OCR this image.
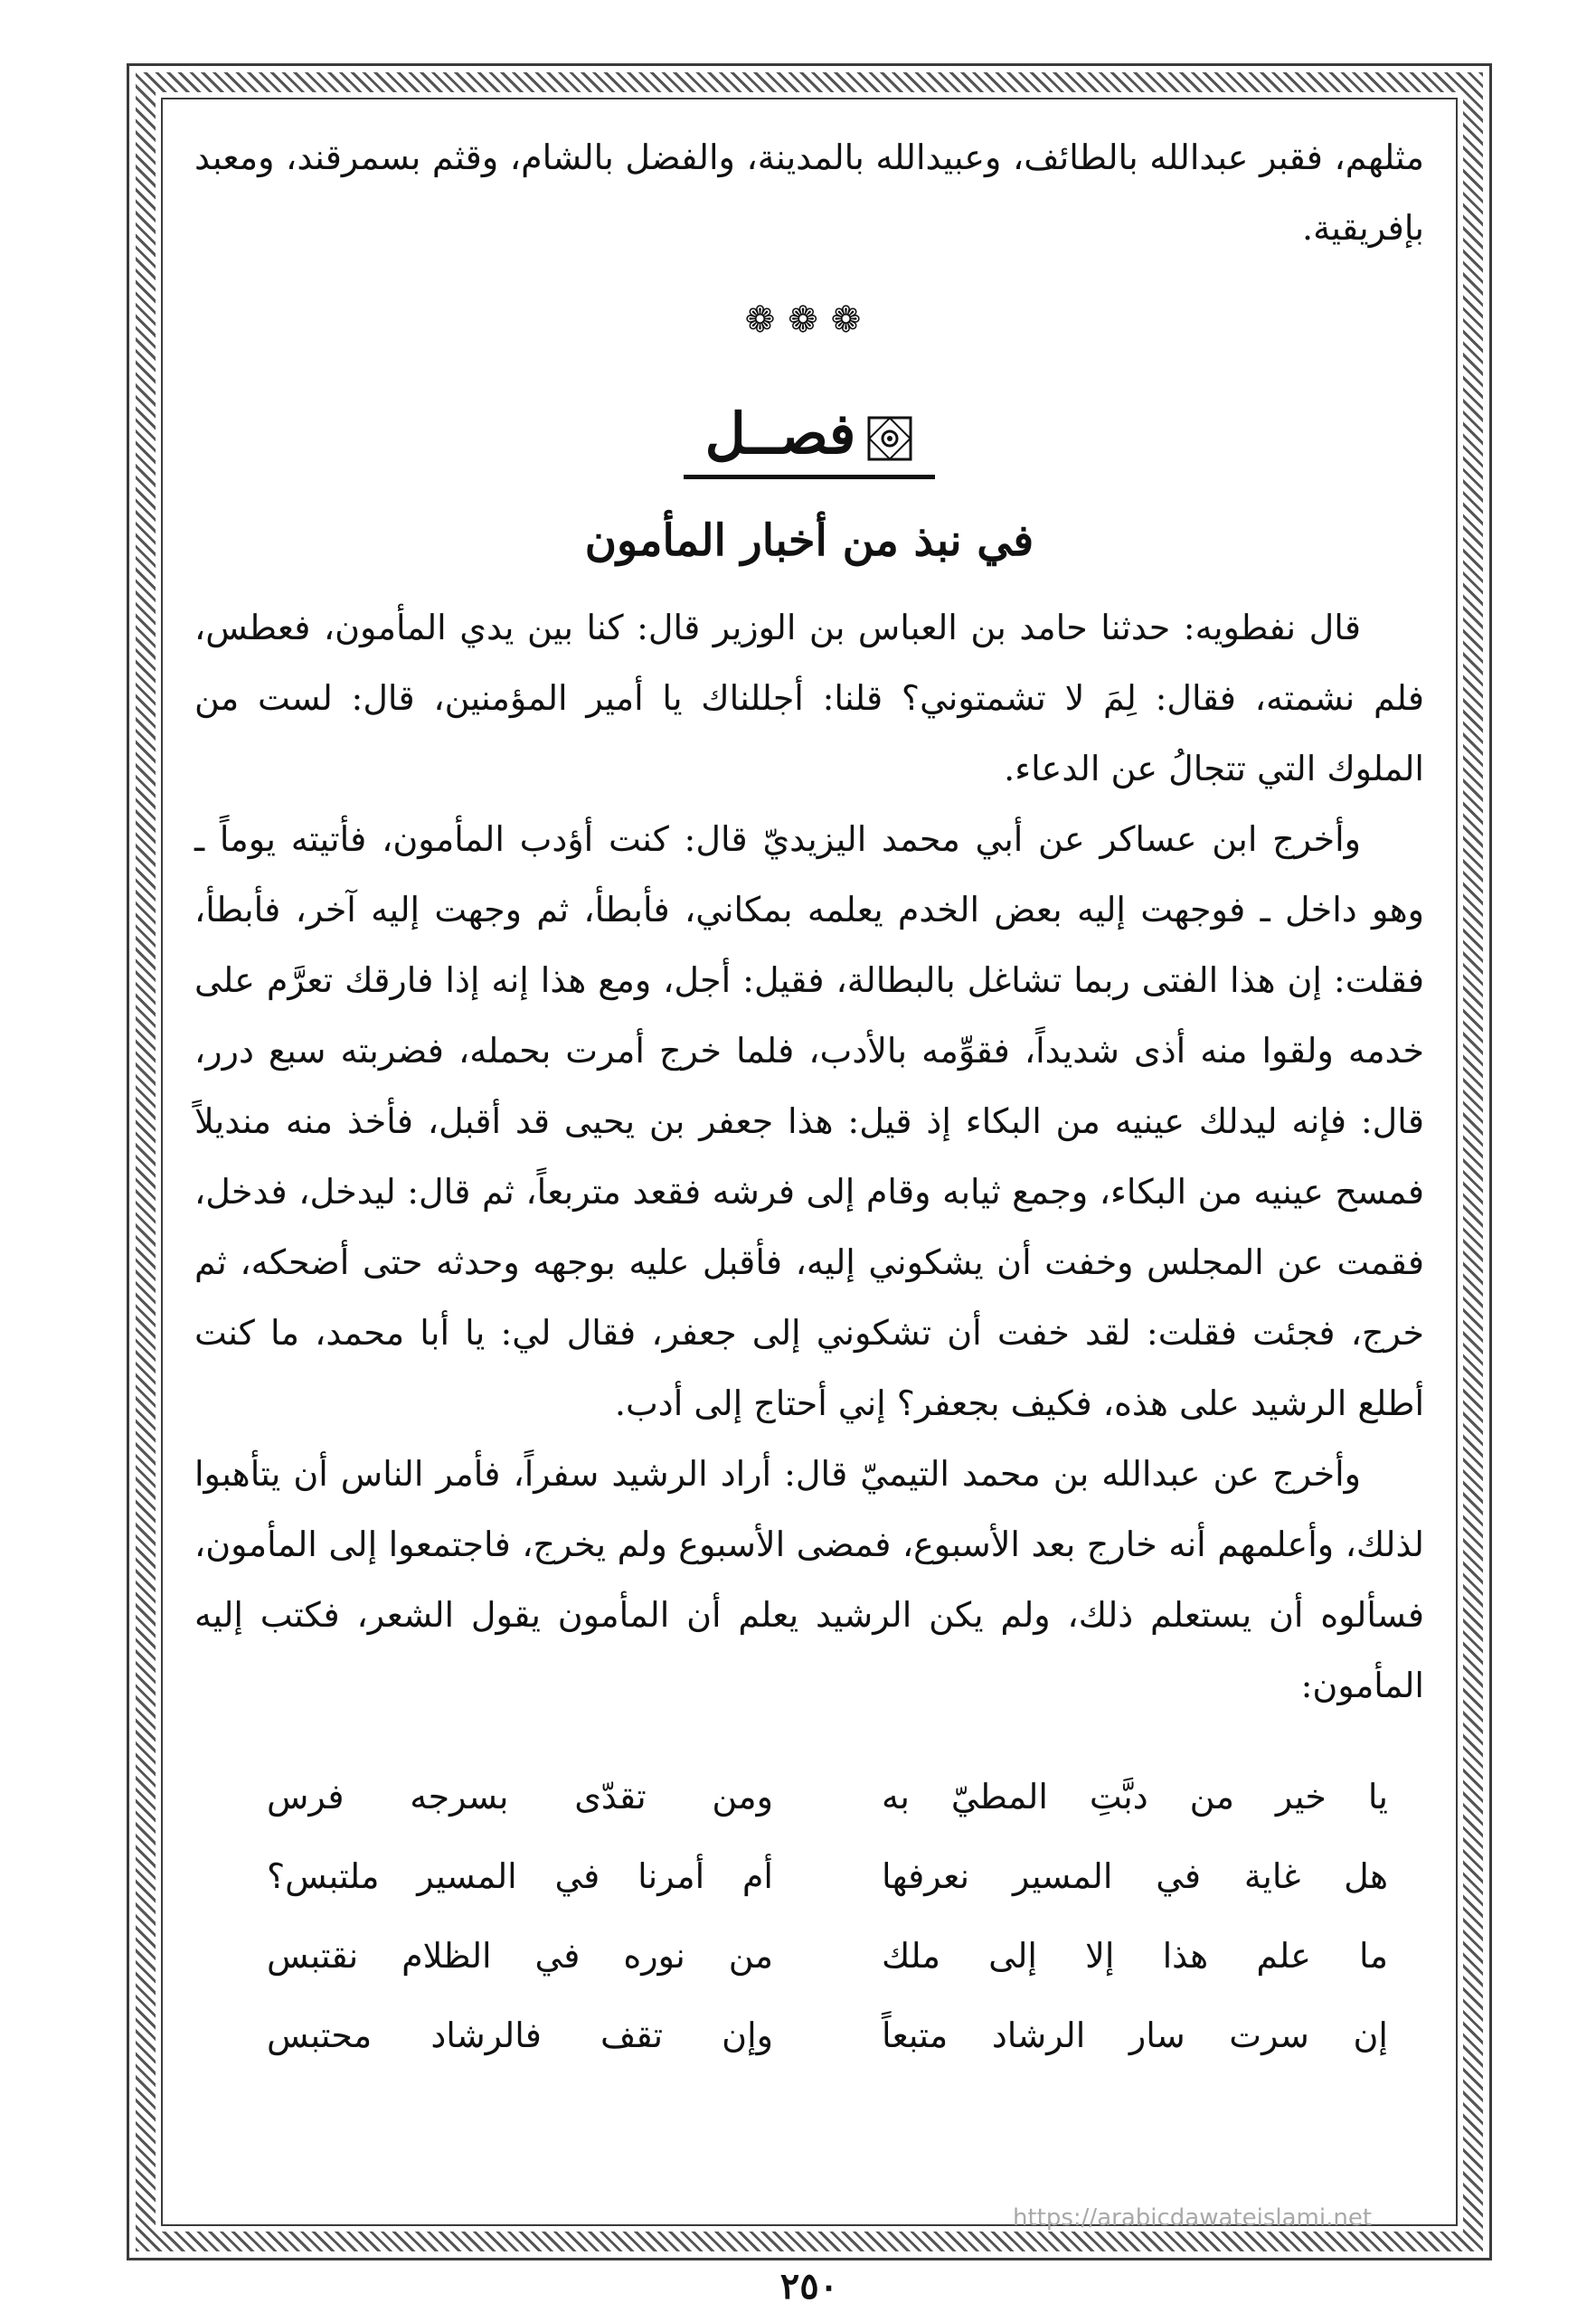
مثلهم، فقبر عبدالله بالطائف، وعبيدالله بالمدينة، والفضل بالشام، وقثم بسمرقند، ومعبد بإفريقية.

❁❁❁
فصــل
في نبذ من أخبار المأمون

قال نفطويه: حدثنا حامد بن العباس بن الوزير قال: كنا بين يدي المأمون، فعطس، فلم نشمته، فقال: لِمَ لا تشمتوني؟ قلنا: أجللناك يا أمير المؤمنين، قال: لست من الملوك التي تتجالُ عن الدعاء.

وأخرج ابن عساكر عن أبي محمد اليزيديّ قال: كنت أؤدب المأمون، فأتيته يوماً ـ وهو داخل ـ فوجهت إليه بعض الخدم يعلمه بمكاني، فأبطأ، ثم وجهت إليه آخر، فأبطأ، فقلت: إن هذا الفتى ربما تشاغل بالبطالة، فقيل: أجل، ومع هذا إنه إذا فارقك تعرَّم على خدمه ولقوا منه أذى شديداً، فقوِّمه بالأدب، فلما خرج أمرت بحمله، فضربته سبع درر، قال: فإنه ليدلك عينيه من البكاء إذ قيل: هذا جعفر بن يحيى قد أقبل، فأخذ منه منديلاً فمسح عينيه من البكاء، وجمع ثيابه وقام إلى فرشه فقعد متربعاً، ثم قال: ليدخل، فدخل، فقمت عن المجلس وخفت أن يشكوني إليه، فأقبل عليه بوجهه وحدثه حتى أضحكه، ثم خرج، فجئت فقلت: لقد خفت أن تشكوني إلى جعفر، فقال لي: يا أبا محمد، ما كنت أطلع الرشيد على هذه، فكيف بجعفر؟ إني أحتاج إلى أدب.

وأخرج عن عبدالله بن محمد التيميّ قال: أراد الرشيد سفراً، فأمر الناس أن يتأهبوا لذلك، وأعلمهم أنه خارج بعد الأسبوع، فمضى الأسبوع ولم يخرج، فاجتمعوا إلى المأمون، فسألوه أن يستعلم ذلك، ولم يكن الرشيد يعلم أن المأمون يقول الشعر، فكتب إليه المأمون:

يا خير من دبَّتِ المطيّ به
ومن تقدّى بسرجه فرس
هل غاية في المسير نعرفها
أم أمرنا في المسير ملتبس؟
ما علم هذا إلا إلى ملك
من نوره في الظلام نقتبس
إن سرت سار الرشاد متبعاً
وإن تقف فالرشاد محتبس
٢٥٠
https://arabicdawateislami.net
